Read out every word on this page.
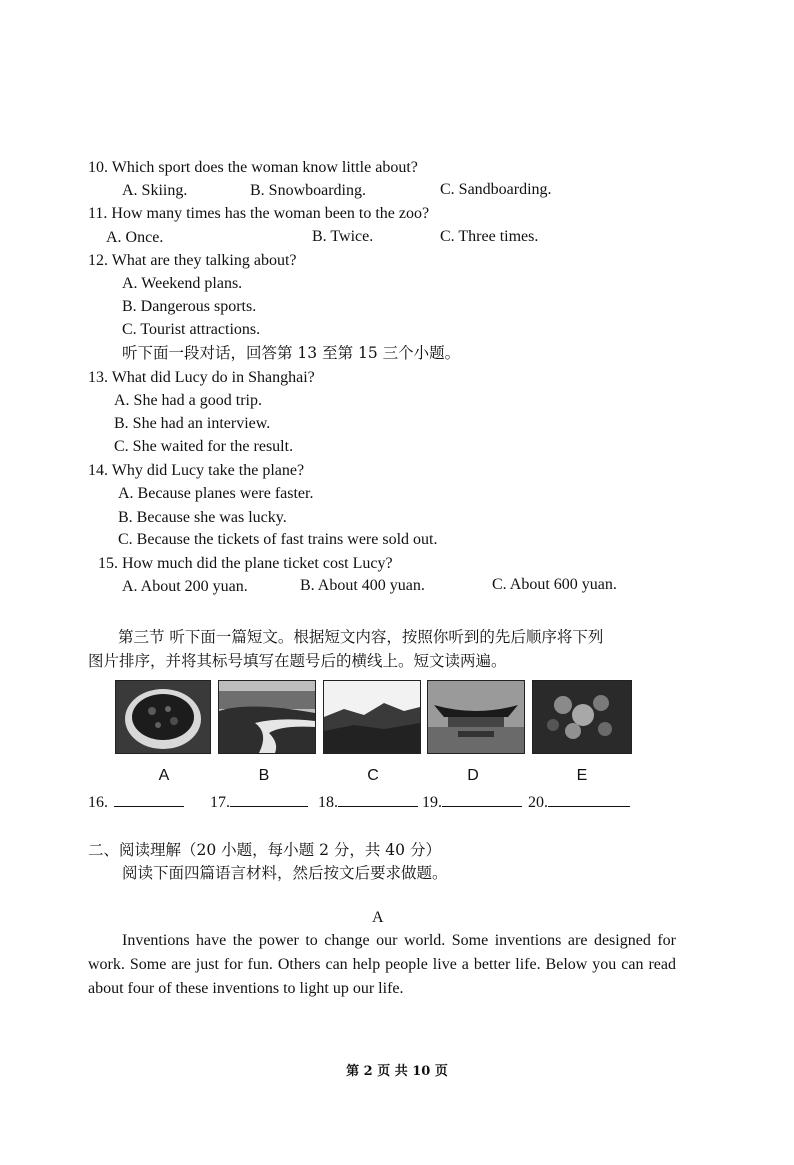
10. Which sport does the woman know little about?
A. Skiing.	B. Snowboarding.	C. Sandboarding.
11. How many times has the woman been to the zoo?
A. Once.	B. Twice.	C. Three times.
12. What are they talking about?
A. Weekend plans.
B. Dangerous sports.
C. Tourist attractions.
听下面一段对话，回答第 13 至第 15 三个小题。
13. What did Lucy do in Shanghai?
A. She had a good trip.
B. She had an interview.
C. She waited for the result.
14. Why did Lucy take the plane?
A. Because planes were faster.
B. Because she was lucky.
C. Because the tickets of fast trains were sold out.
15. How much did the plane ticket cost Lucy?
A. About 200 yuan.	B. About 400 yuan.	C. About 600 yuan.
第三节 听下面一篇短文。根据短文内容，按照你听到的先后顺序将下列
图片排序，并将其标号填写在题号后的横线上。短文读两遍。
A	B	C	D	E
16.	17.	18.	19.	20.
二、阅读理解（20 小题，每小题 2 分，共 40 分）
阅读下面四篇语言材料，然后按文后要求做题。
A
Inventions have the power to change our world. Some inventions are designed for work. Some are just for fun. Others can help people live a better life. Below you can read about four of these inventions to light up our life.
第 2 页 共 10 页
